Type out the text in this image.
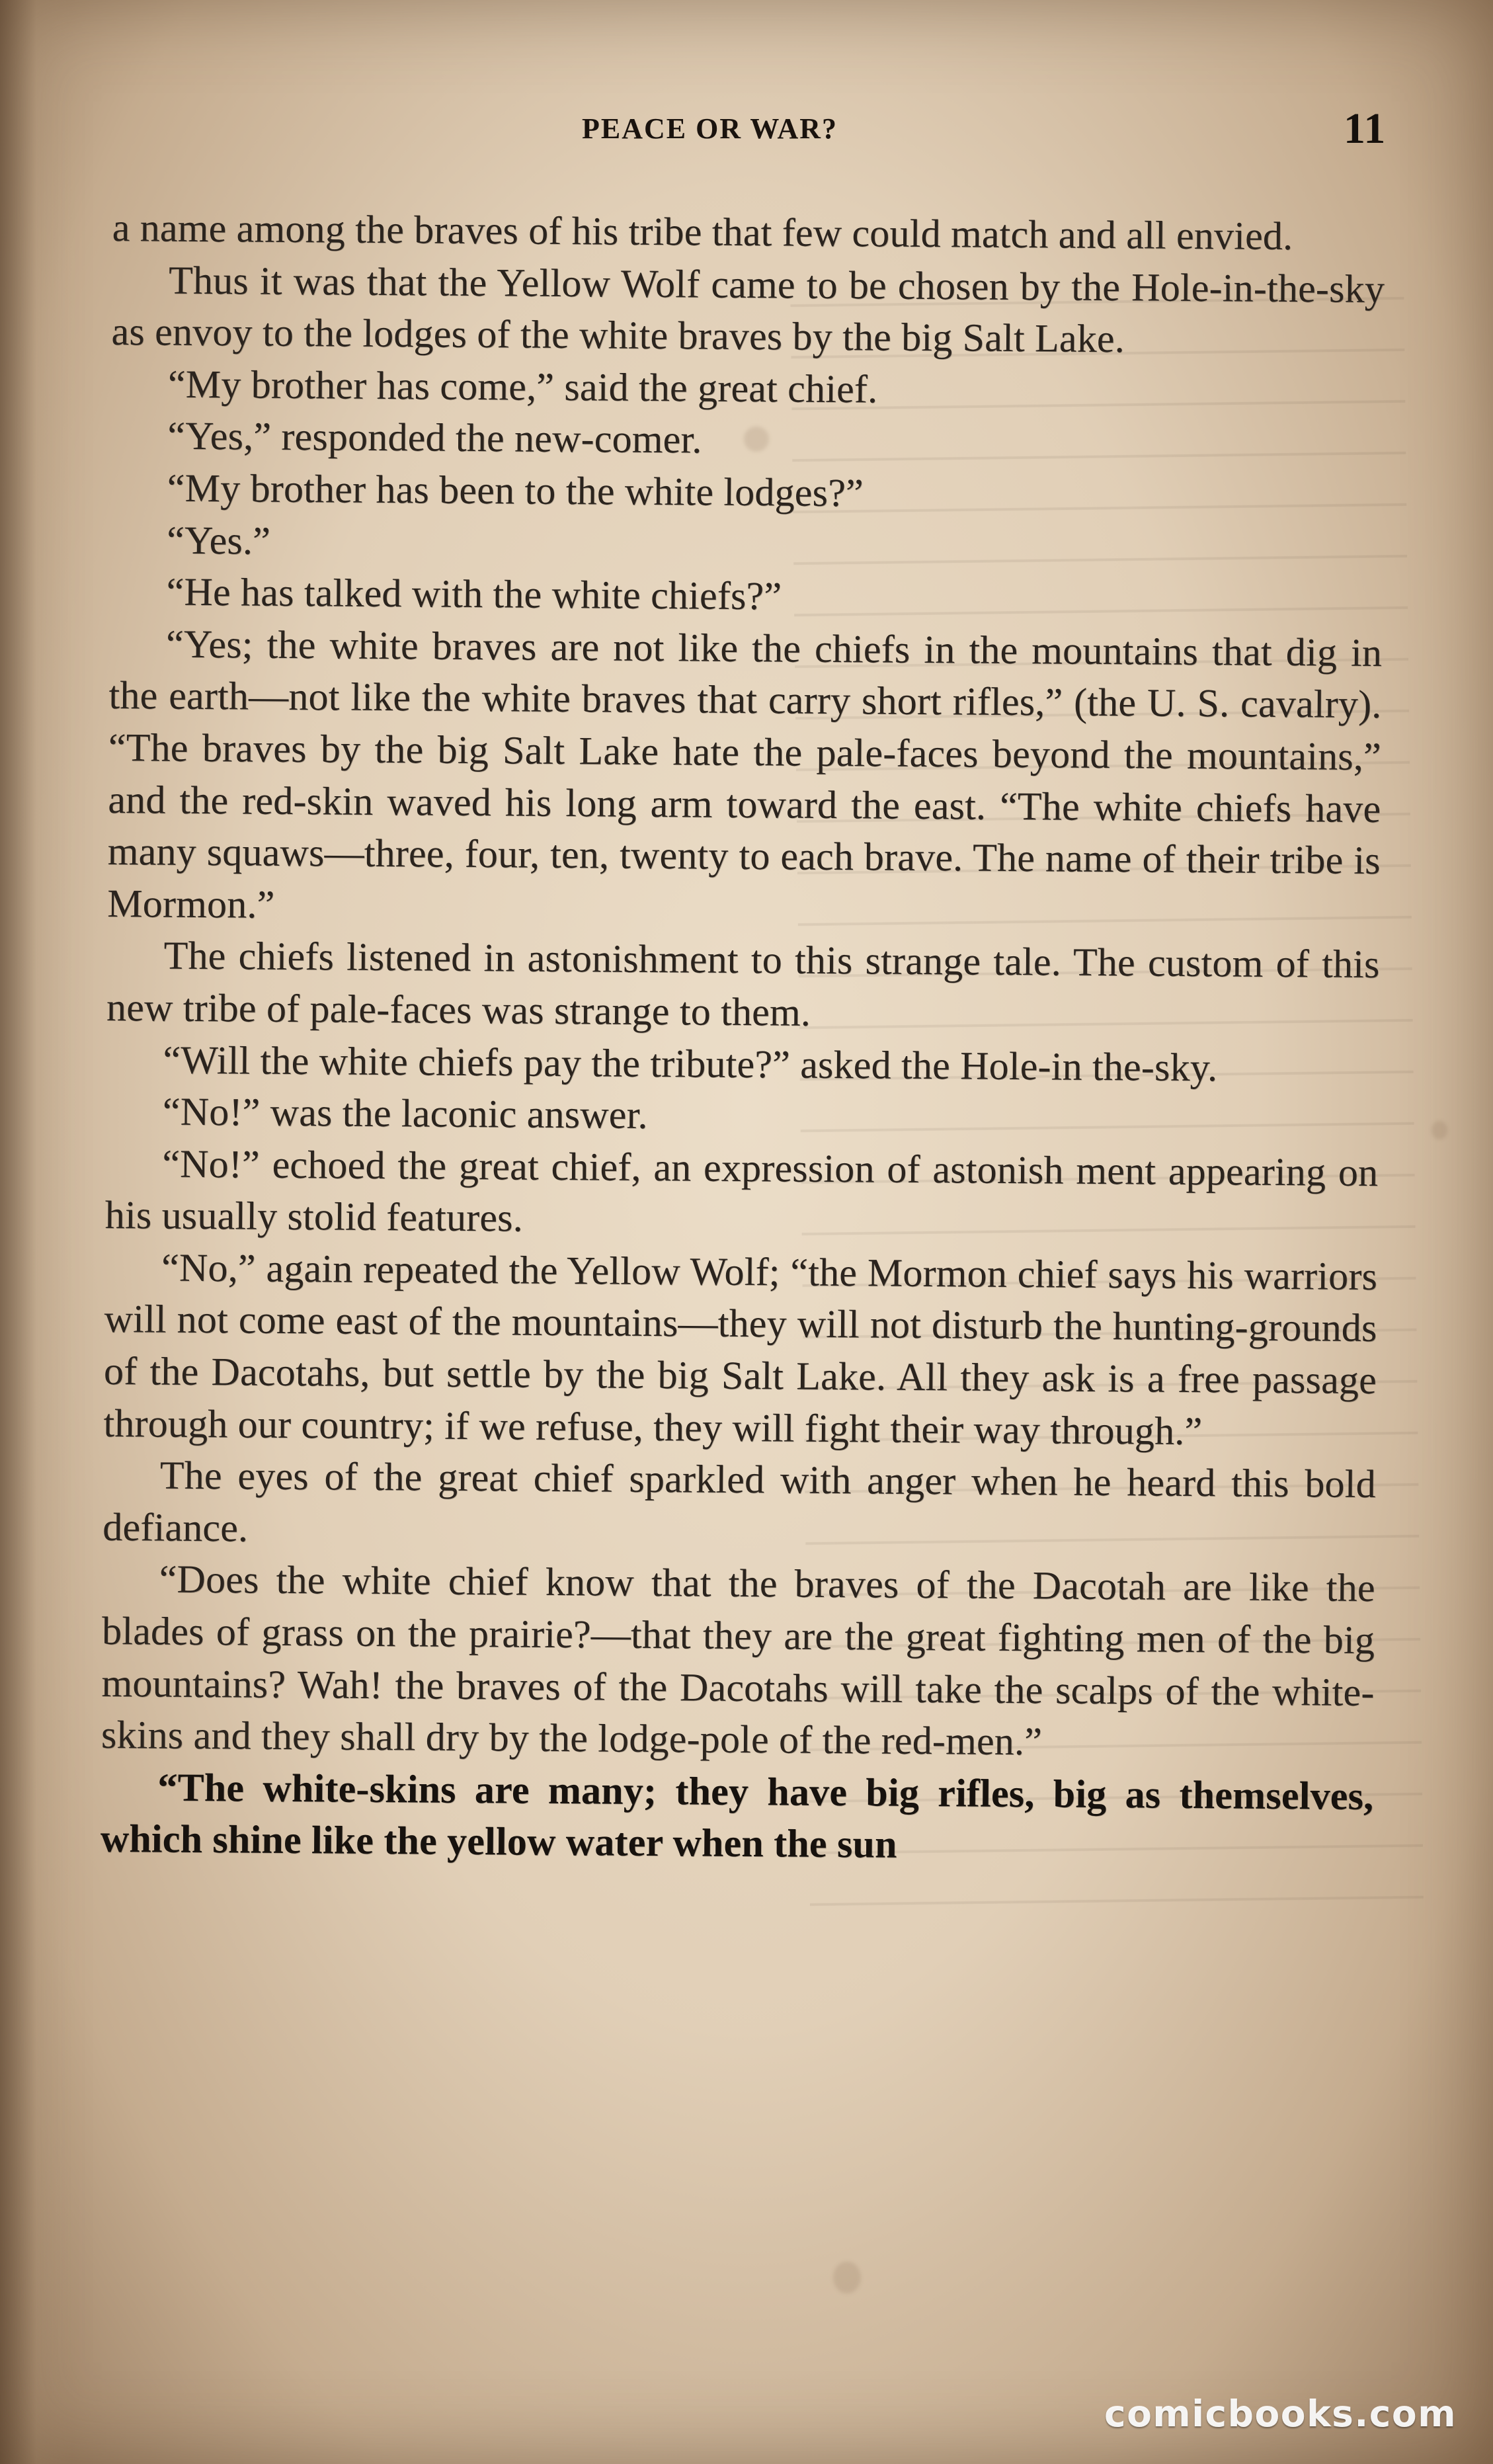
PEACE OR WAR?	11

a name among the braves of his tribe that few could match and all envied.

Thus it was that the Yellow Wolf came to be chosen by the Hole-in-the-sky as envoy to the lodges of the white braves by the big Salt Lake.

“My brother has come,” said the great chief.

“Yes,” responded the new-comer.

“My brother has been to the white lodges?”

“Yes.”

“He has talked with the white chiefs?”

“Yes; the white braves are not like the chiefs in the mountains that dig in the earth—not like the white braves that carry short rifles,” (the U. S. cavalry). “The braves by the big Salt Lake hate the pale-faces beyond the mountains,” and the red-skin waved his long arm toward the east. “The white chiefs have many squaws—three, four, ten, twenty to each brave. The name of their tribe is Mormon.”

The chiefs listened in astonishment to this strange tale. The custom of this new tribe of pale-faces was strange to them.

“Will the white chiefs pay the tribute?” asked the Hole-in the-sky.

“No!” was the laconic answer.

“No!” echoed the great chief, an expression of astonish ment appearing on his usually stolid features.

“No,” again repeated the Yellow Wolf; “the Mormon chief says his warriors will not come east of the mountains—they will not disturb the hunting-grounds of the Dacotahs, but settle by the big Salt Lake. All they ask is a free passage through our country; if we refuse, they will fight their way through.”

The eyes of the great chief sparkled with anger when he heard this bold defiance.

“Does the white chief know that the braves of the Dacotah are like the blades of grass on the prairie?—that they are the great fighting men of the big mountains? Wah! the braves of the Dacotahs will take the scalps of the white-skins and they shall dry by the lodge-pole of the red-men.”

“The white-skins are many; they have big rifles, big as themselves, which shine like the yellow water when the sun

comicbooks.com
